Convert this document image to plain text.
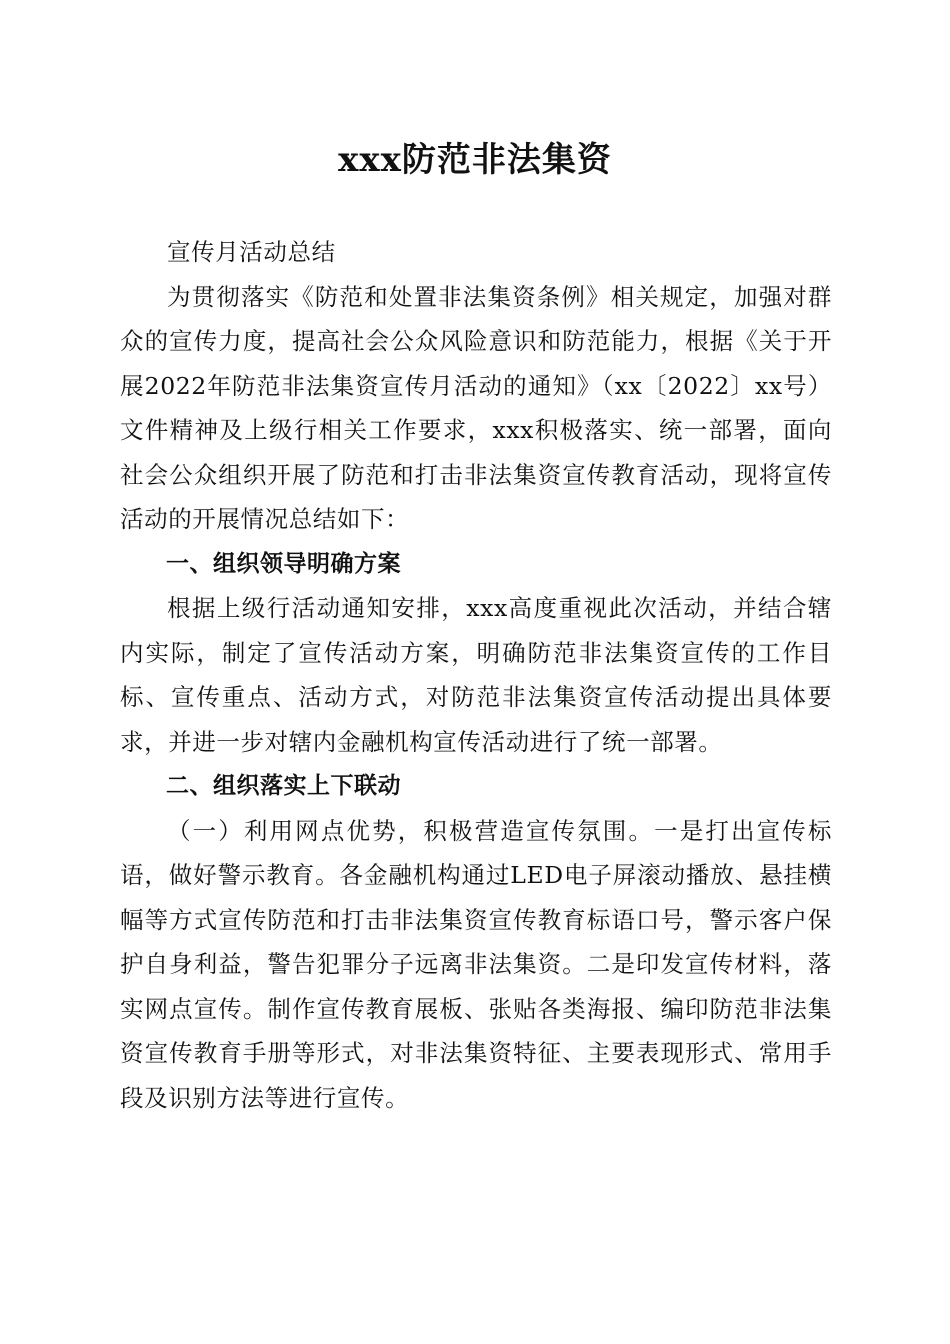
xxx防范非法集资

宣传月活动总结

为贯彻落实《防范和处置非法集资条例》相关规定，加强对群众的宣传力度，提高社会公众风险意识和防范能力，根据《关于开展2022年防范非法集资宣传月活动的通知》（xx〔2022〕xx号）文件精神及上级行相关工作要求，xxx积极落实、统一部署，面向社会公众组织开展了防范和打击非法集资宣传教育活动，现将宣传活动的开展情况总结如下：

一、组织领导明确方案

根据上级行活动通知安排，xxx高度重视此次活动，并结合辖内实际，制定了宣传活动方案，明确防范非法集资宣传的工作目标、宣传重点、活动方式，对防范非法集资宣传活动提出具体要求，并进一步对辖内金融机构宣传活动进行了统一部署。

二、组织落实上下联动

（一）利用网点优势，积极营造宣传氛围。一是打出宣传标语，做好警示教育。各金融机构通过LED电子屏滚动播放、悬挂横幅等方式宣传防范和打击非法集资宣传教育标语口号，警示客户保护自身利益，警告犯罪分子远离非法集资。二是印发宣传材料，落实网点宣传。制作宣传教育展板、张贴各类海报、编印防范非法集资宣传教育手册等形式，对非法集资特征、主要表现形式、常用手段及识别方法等进行宣传。
